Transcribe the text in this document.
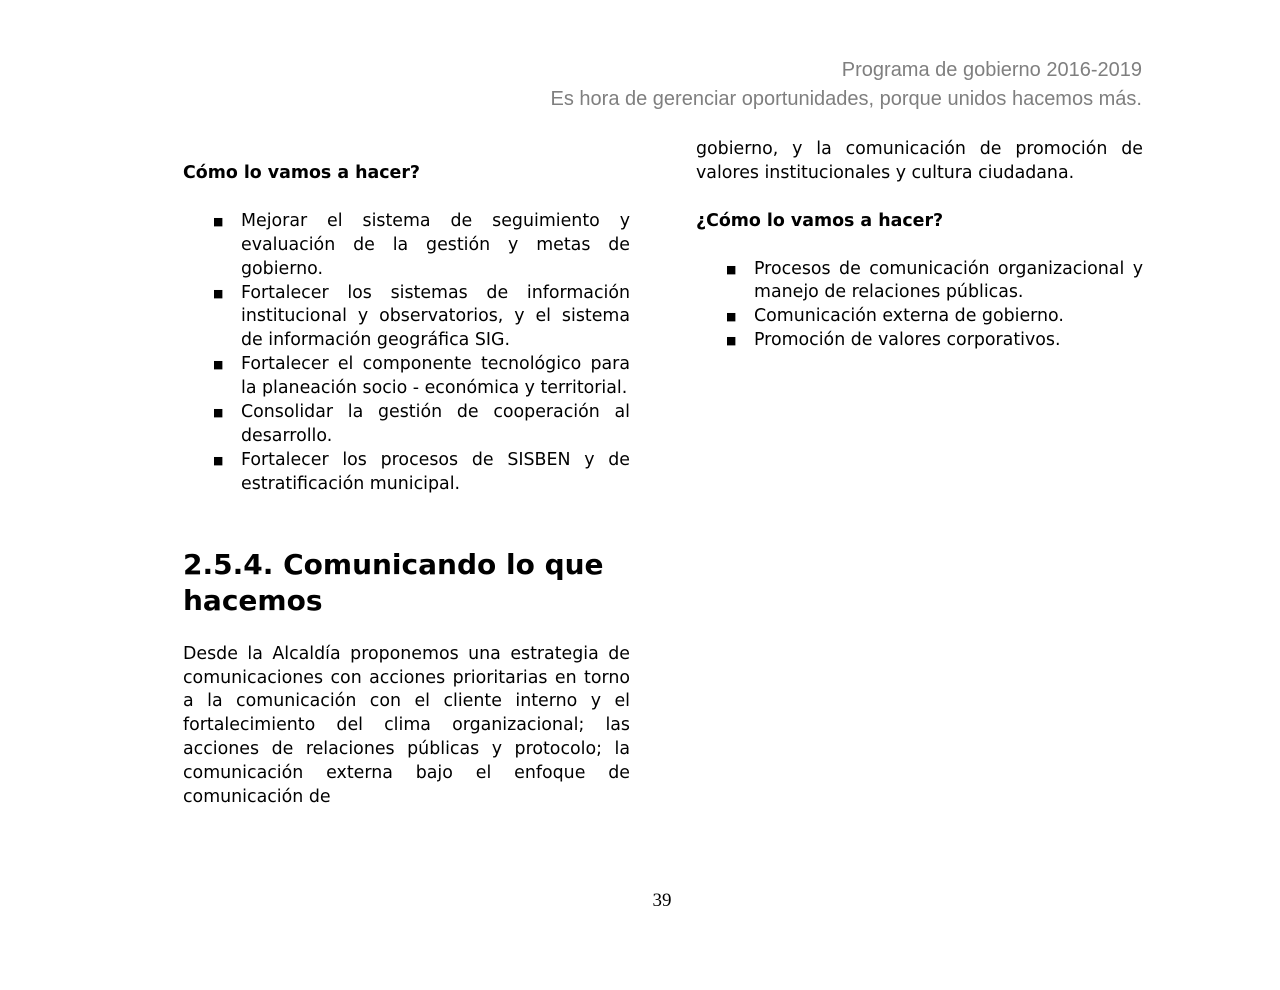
Programa de gobierno 2016-2019
Es hora de gerenciar oportunidades, porque unidos hacemos más.

Cómo lo vamos a hacer?

■ Mejorar el sistema de seguimiento y evaluación de la gestión y metas de gobierno.
■ Fortalecer los sistemas de información institucional y observatorios, y el sistema de información geográfica SIG.
■ Fortalecer el componente tecnológico para la planeación socio - económica y territorial.
■ Consolidar la gestión de cooperación al desarrollo.
■ Fortalecer los procesos de SISBEN y de estratificación municipal.
2.5.4. Comunicando lo que hacemos

Desde la Alcaldía proponemos una estrategia de comunicaciones con acciones prioritarias en torno a la comunicación con el cliente interno y el fortalecimiento del clima organizacional; las acciones de relaciones públicas y protocolo; la comunicación externa bajo el enfoque de comunicación de

gobierno, y la comunicación de promoción de valores institucionales y cultura ciudadana.

¿Cómo lo vamos a hacer?

■ Procesos de comunicación organizacional y manejo de relaciones públicas.
■ Comunicación externa de gobierno.
■ Promoción de valores corporativos.
39
